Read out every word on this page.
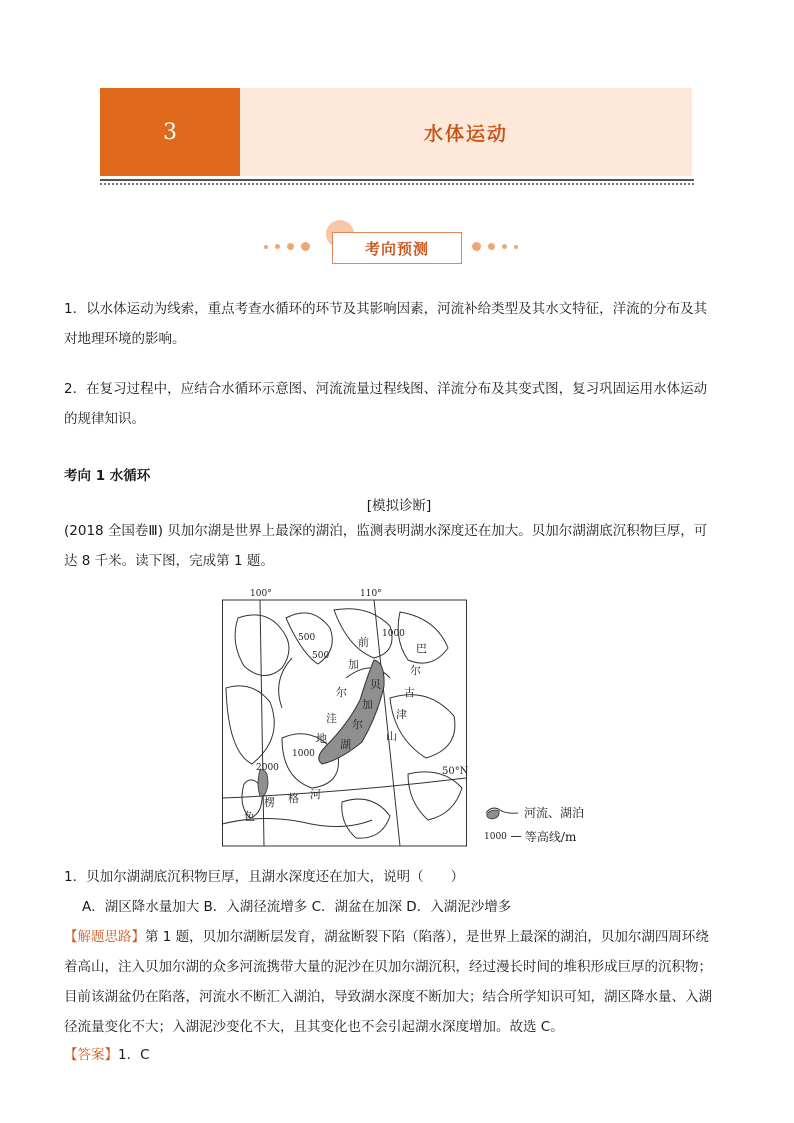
3	水体运动
考向预测
1．以水体运动为线索，重点考查水循环的环节及其影响因素，河流补给类型及其水文特征，洋流的分布及其
对地理环境的影响。
2．在复习过程中，应结合水循环示意图、河流流量过程线图、洋流分布及其变式图，复习巩固运用水体运动
的规律知识。
考向 1 水循环
[模拟诊断]
(2018 全国卷Ⅲ) 贝加尔湖是世界上最深的湖泊，监测表明湖水深度还在加大。贝加尔湖湖底沉积物巨厚，可
达 8 千米。读下图，完成第 1 题。
100°	110°
50°N
500
500
1000
1000
2000
前
加
尔
洼
地
巴
尔
古
津
山
色
楞 格 河
贝
加
尔
湖
河流、湖泊
1000 等高线/m
1．贝加尔湖湖底沉积物巨厚，且湖水深度还在加大，说明（　　）
A．湖区降水量加大 B．入湖径流增多 C．湖盆在加深 D．入湖泥沙增多
【解题思路】第 1 题，贝加尔湖断层发育，湖盆断裂下陷（陷落），是世界上最深的湖泊，贝加尔湖四周环绕
着高山，注入贝加尔湖的众多河流携带大量的泥沙在贝加尔湖沉积，经过漫长时间的堆积形成巨厚的沉积物；
目前该湖盆仍在陷落，河流水不断汇入湖泊，导致湖水深度不断加大；结合所学知识可知，湖区降水量、入湖
径流量变化不大；入湖泥沙变化不大，且其变化也不会引起湖水深度增加。故选 C。
【答案】1．C
